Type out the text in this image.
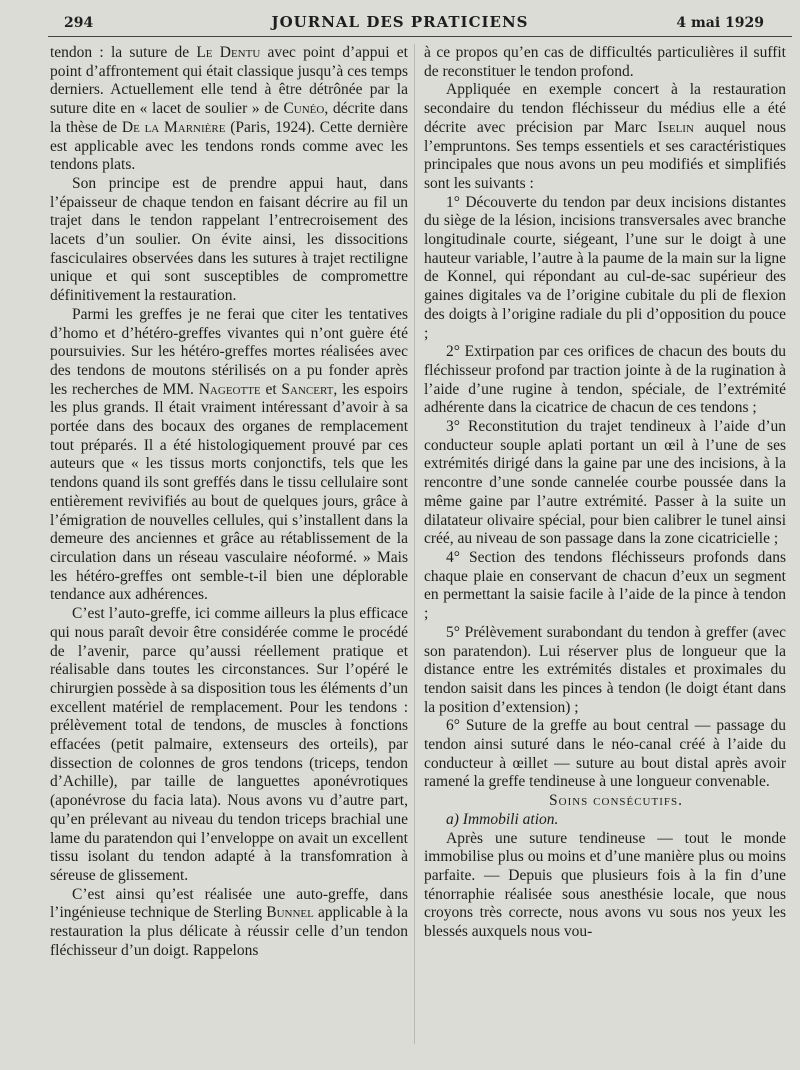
294	JOURNAL DES PRATICIENS	4 mai 1929

tendon : la suture de Le Dentu avec point d’appui et point d’affrontement qui était classique jusqu’à ces temps derniers. Actuellement elle tend à être détrônée par la suture dite en « lacet de soulier » de Cunéo, décrite dans la thèse de De la Marnière (Paris, 1924). Cette dernière est applicable avec les tendons ronds comme avec les tendons plats.

Son principe est de prendre appui haut, dans l’épaisseur de chaque tendon en faisant décrire au fil un trajet dans le tendon rappelant l’entrecroisement des lacets d’un soulier. On évite ainsi, les dissocitions fasciculaires observées dans les sutures à trajet rectiligne unique et qui sont susceptibles de compromettre définitivement la restauration.

Parmi les greffes je ne ferai que citer les tentatives d’homo et d’hétéro-greffes vivantes qui n’ont guère été poursuivies. Sur les hétéro-greffes mortes réalisées avec des tendons de moutons stérilisés on a pu fonder après les recherches de MM. Nageotte et Sancert, les espoirs les plus grands. Il était vraiment intéressant d’avoir à sa portée dans des bocaux des organes de remplacement tout préparés. Il a été histologiquement prouvé par ces auteurs que « les tissus morts conjonctifs, tels que les tendons quand ils sont greffés dans le tissu cellulaire sont entièrement revivifiés au bout de quelques jours, grâce à l’émigration de nouvelles cellules, qui s’installent dans la demeure des anciennes et grâce au rétablissement de la circulation dans un réseau vasculaire néoformé. » Mais les hétéro-greffes ont semble-t-il bien une déplorable tendance aux adhérences.

C’est l’auto-greffe, ici comme ailleurs la plus efficace qui nous paraît devoir être considérée comme le procédé de l’avenir, parce qu’aussi réellement pratique et réalisable dans toutes les circonstances. Sur l’opéré le chirurgien possède à sa disposition tous les éléments d’un excellent matériel de remplacement. Pour les tendons : prélèvement total de tendons, de muscles à fonctions effacées (petit palmaire, extenseurs des orteils), par dissection de colonnes de gros tendons (triceps, tendon d’Achille), par taille de languettes aponévrotiques (aponévrose du facia lata). Nous avons vu d’autre part, qu’en prélevant au niveau du tendon triceps brachial une lame du paratendon qui l’enveloppe on avait un excellent tissu isolant du tendon adapté à la transfomration à séreuse de glissement.

C’est ainsi qu’est réalisée une auto-greffe, dans l’ingénieuse technique de Sterling Bunnel applicable à la restauration la plus délicate à réussir celle d’un tendon fléchisseur d’un doigt. Rappelons

à ce propos qu’en cas de difficultés particulières il suffit de reconstituer le tendon profond.

Appliquée en exemple concert à la restauration secondaire du tendon fléchisseur du médius elle a été décrite avec précision par Marc Iselin auquel nous l’empruntons. Ses temps essentiels et ses caractéristiques principales que nous avons un peu modifiés et simplifiés sont les suivants :

1° Découverte du tendon par deux incisions distantes du siège de la lésion, incisions transversales avec branche longitudinale courte, siégeant, l’une sur le doigt à une hauteur variable, l’autre à la paume de la main sur la ligne de Konnel, qui répondant au cul-de-sac supérieur des gaines digitales va de l’origine cubitale du pli de flexion des doigts à l’origine radiale du pli d’opposition du pouce ;

2° Extirpation par ces orifices de chacun des bouts du fléchisseur profond par traction jointe à de la rugination à l’aide d’une rugine à tendon, spéciale, de l’extrémité adhérente dans la cicatrice de chacun de ces tendons ;

3° Reconstitution du trajet tendineux à l’aide d’un conducteur souple aplati portant un œil à l’une de ses extrémités dirigé dans la gaine par une des incisions, à la rencontre d’une sonde cannelée courbe poussée dans la même gaine par l’autre extrémité. Passer à la suite un dilatateur olivaire spécial, pour bien calibrer le tunel ainsi créé, au niveau de son passage dans la zone cicatricielle ;

4° Section des tendons fléchisseurs profonds dans chaque plaie en conservant de chacun d’eux un segment en permettant la saisie facile à l’aide de la pince à tendon ;

5° Prélèvement surabondant du tendon à greffer (avec son paratendon). Lui réserver plus de longueur que la distance entre les extrémités distales et proximales du tendon saisit dans les pinces à tendon (le doigt étant dans la position d’extension) ;

6° Suture de la greffe au bout central — passage du tendon ainsi suturé dans le néo-canal créé à l’aide du conducteur à œillet — suture au bout distal après avoir ramené la greffe tendineuse à une longueur convenable.

Soins consécutifs.

a) Immobili ation.

Après une suture tendineuse — tout le monde immobilise plus ou moins et d’une manière plus ou moins parfaite. — Depuis que plusieurs fois à la fin d’une ténorraphie réalisée sous anesthésie locale, que nous croyons très correcte, nous avons vu sous nos yeux les blessés auxquels nous vou-
